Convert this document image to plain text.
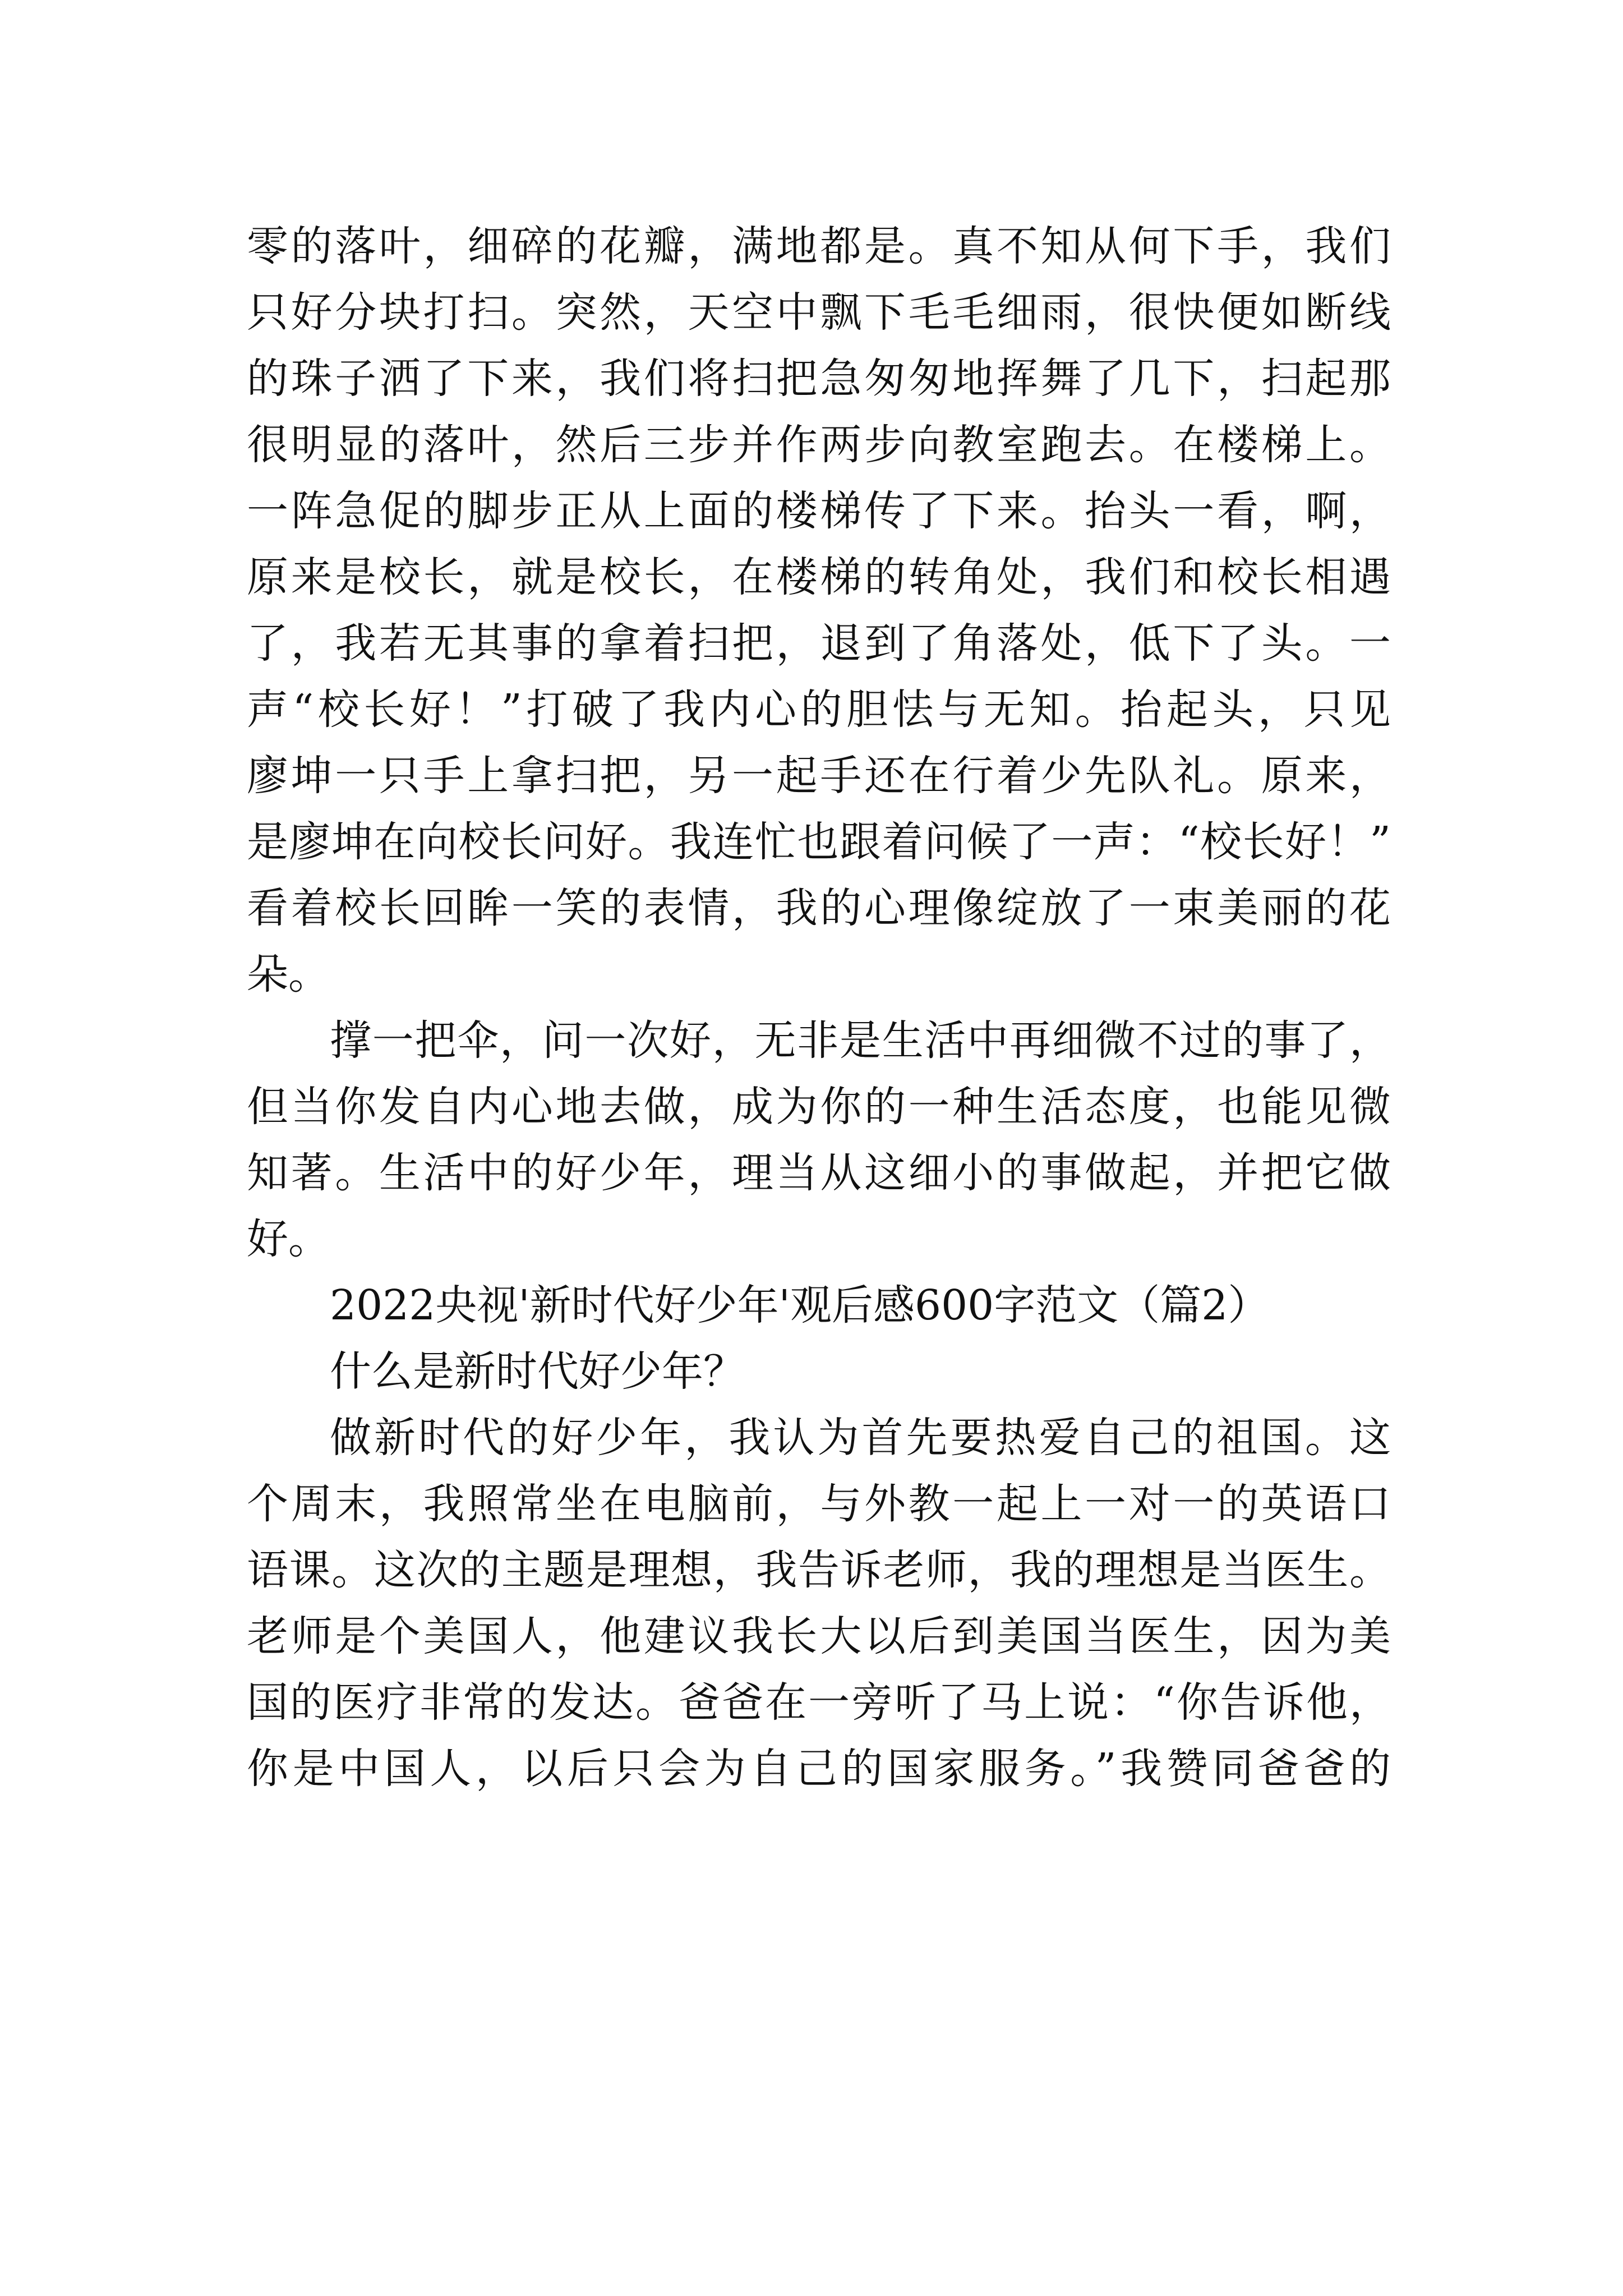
零的落叶，细碎的花瓣，满地都是。真不知从何下手，我们

只好分块打扫。突然，天空中飘下毛毛细雨，很快便如断线

的珠子洒了下来，我们将扫把急匆匆地挥舞了几下，扫起那

很明显的落叶，然后三步并作两步向教室跑去。在楼梯上。

一阵急促的脚步正从上面的楼梯传了下来。抬头一看，啊，

原来是校长，就是校长，在楼梯的转角处，我们和校长相遇

了，我若无其事的拿着扫把，退到了角落处，低下了头。一

声“校长好！”打破了我内心的胆怯与无知。抬起头，只见

廖坤一只手上拿扫把，另一起手还在行着少先队礼。原来，

是廖坤在向校长问好。我连忙也跟着问候了一声：“校长好！”

看着校长回眸一笑的表情，我的心理像绽放了一束美丽的花

朵。

撑一把伞，问一次好，无非是生活中再细微不过的事了，

但当你发自内心地去做，成为你的一种生活态度，也能见微

知著。生活中的好少年，理当从这细小的事做起，并把它做

好。

2022央视'新时代好少年'观后感600字范文（篇2）

什么是新时代好少年？

做新时代的好少年，我认为首先要热爱自己的祖国。这

个周末，我照常坐在电脑前，与外教一起上一对一的英语口

语课。这次的主题是理想，我告诉老师，我的理想是当医生。

老师是个美国人，他建议我长大以后到美国当医生，因为美

国的医疗非常的发达。爸爸在一旁听了马上说：“你告诉他，

你是中国人，以后只会为自己的国家服务。”我赞同爸爸的
